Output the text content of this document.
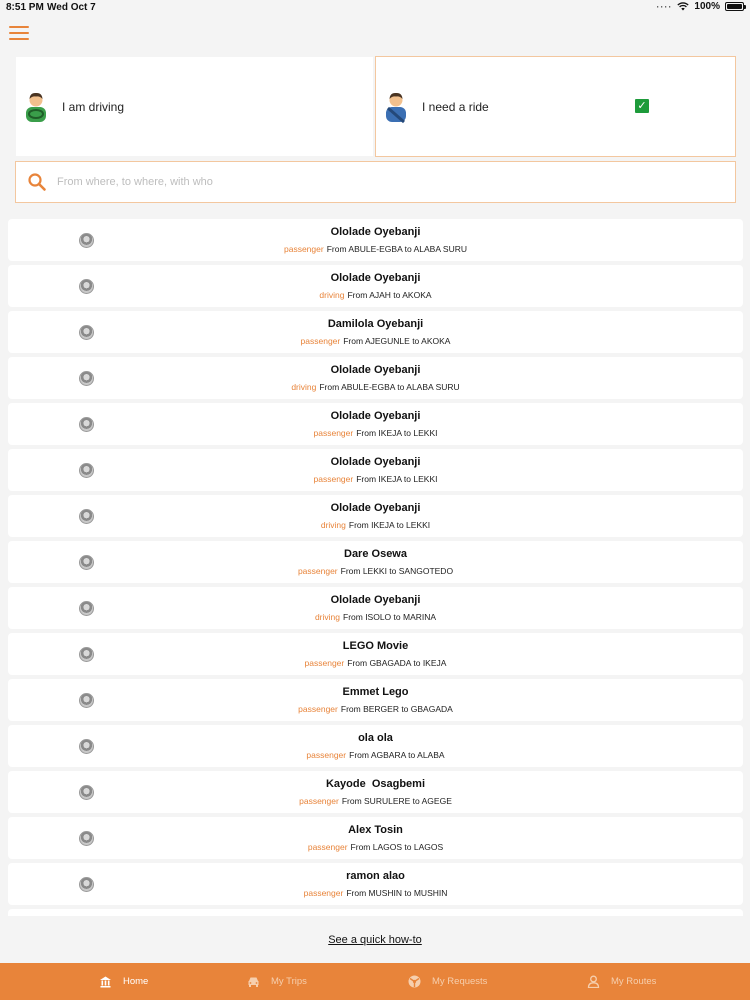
8:51 PM Wed Oct 7	···· 100%
I am driving	I need a ride	✓
From where, to where, with who
Ololade Oyebanji
passenger From ABULE-EGBA to ALABA SURU
Ololade Oyebanji
driving From AJAH to AKOKA
Damilola Oyebanji
passenger From AJEGUNLE to AKOKA
Ololade Oyebanji
driving From ABULE-EGBA to ALABA SURU
Ololade Oyebanji
passenger From IKEJA to LEKKI
Ololade Oyebanji
passenger From IKEJA to LEKKI
Ololade Oyebanji
driving From IKEJA to LEKKI
Dare Osewa
passenger From LEKKI to SANGOTEDO
Ololade Oyebanji
driving From ISOLO to MARINA
LEGO Movie
passenger From GBAGADA to IKEJA
Emmet Lego
passenger From BERGER to GBAGADA
ola ola
passenger From AGBARA to ALABA
Kayode  Osagbemi
passenger From SURULERE to AGEGE
Alex Tosin
passenger From LAGOS to LAGOS
ramon alao
passenger From MUSHIN to MUSHIN
See a quick how-to
Home	My Trips	My Requests	My Routes
